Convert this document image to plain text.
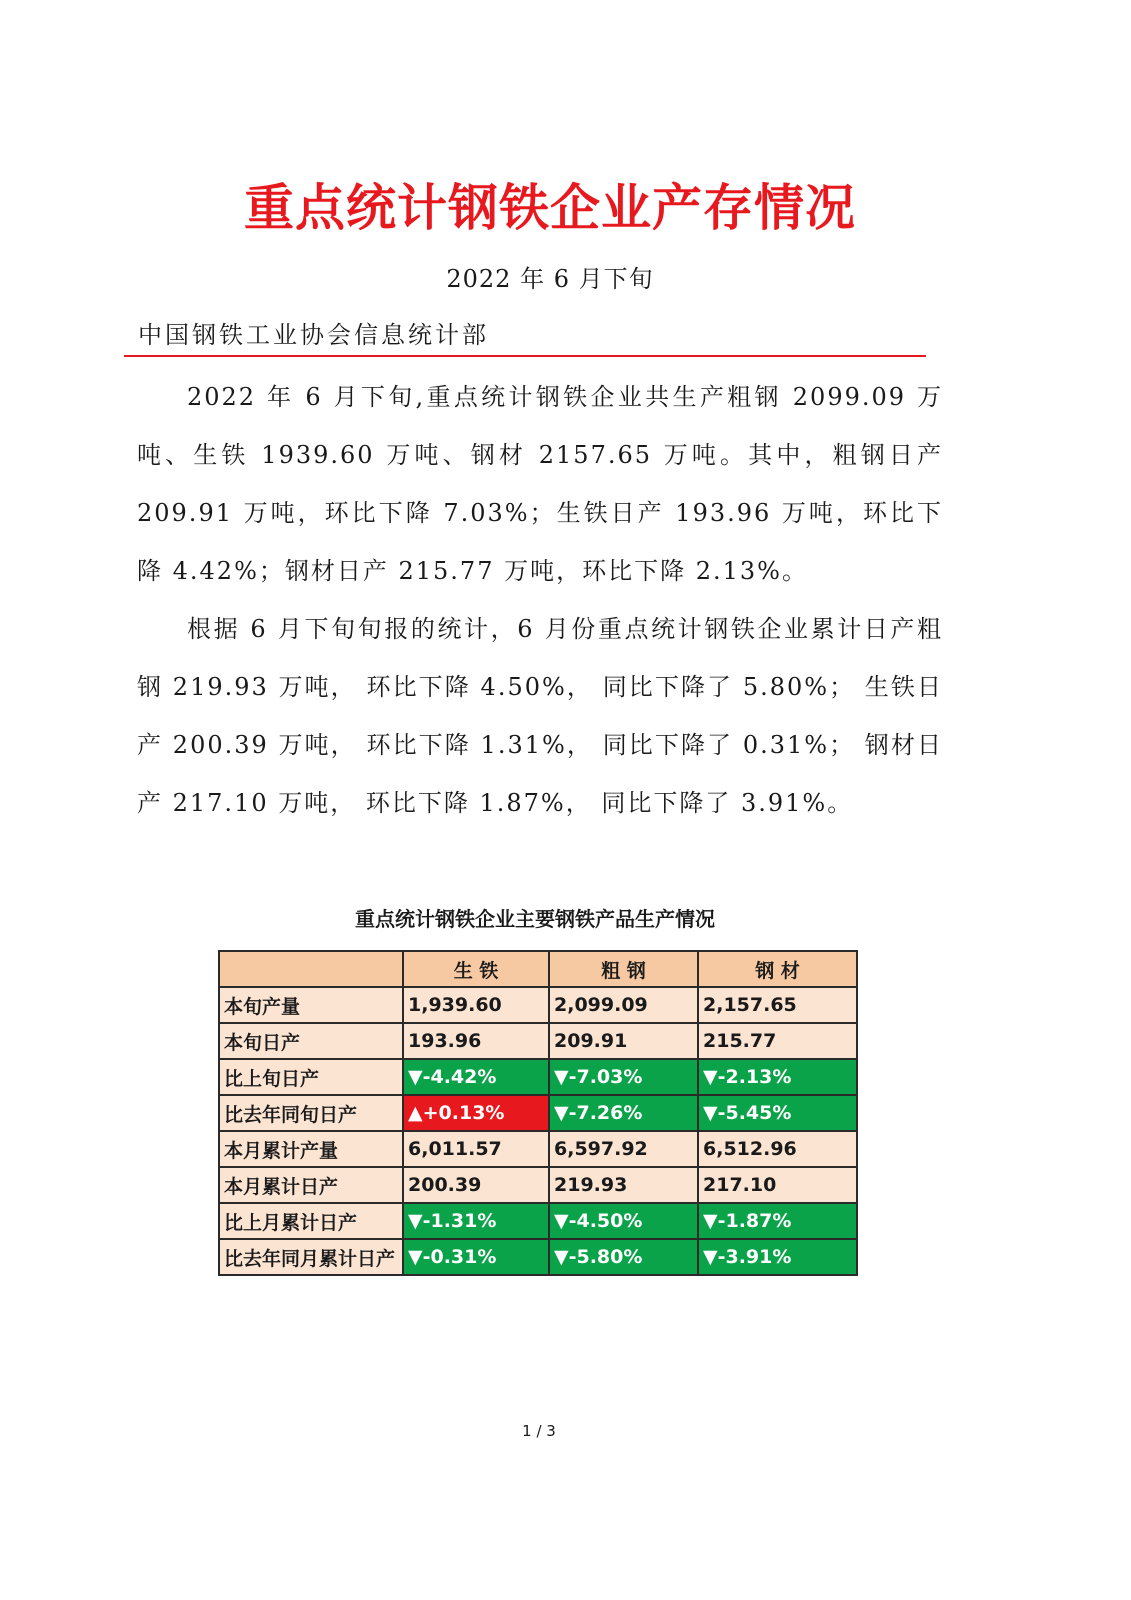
重点统计钢铁企业产存情况
2022 年 6 月下旬
中国钢铁工业协会信息统计部

2022 年 6 月下旬,重点统计钢铁企业共生产粗钢 2099.09 万吨、生铁 1939.60 万吨、钢材 2157.65 万吨。其中，粗钢日产 209.91 万吨，环比下降 7.03%；生铁日产 193.96 万吨，环比下降 4.42%；钢材日产 215.77 万吨，环比下降 2.13%。

根据 6 月下旬旬报的统计，6 月份重点统计钢铁企业累计日产粗钢 219.93 万吨， 环比下降 4.50%， 同比下降了 5.80%； 生铁日产 200.39 万吨， 环比下降 1.31%， 同比下降了 0.31%； 钢材日产 217.10 万吨， 环比下降 1.87%， 同比下降了 3.91%。

重点统计钢铁企业主要钢铁产品生产情况
	生 铁	粗 钢	钢 材
本旬产量	1,939.60	2,099.09	2,157.65
本旬日产	193.96	209.91	215.77
比上旬日产	▼-4.42%	▼-7.03%	▼-2.13%
比去年同旬日产	▲+0.13%	▼-7.26%	▼-5.45%
本月累计产量	6,011.57	6,597.92	6,512.96
本月累计日产	200.39	219.93	217.10
比上月累计日产	▼-1.31%	▼-4.50%	▼-1.87%
比去年同月累计日产	▼-0.31%	▼-5.80%	▼-3.91%
1 / 3
